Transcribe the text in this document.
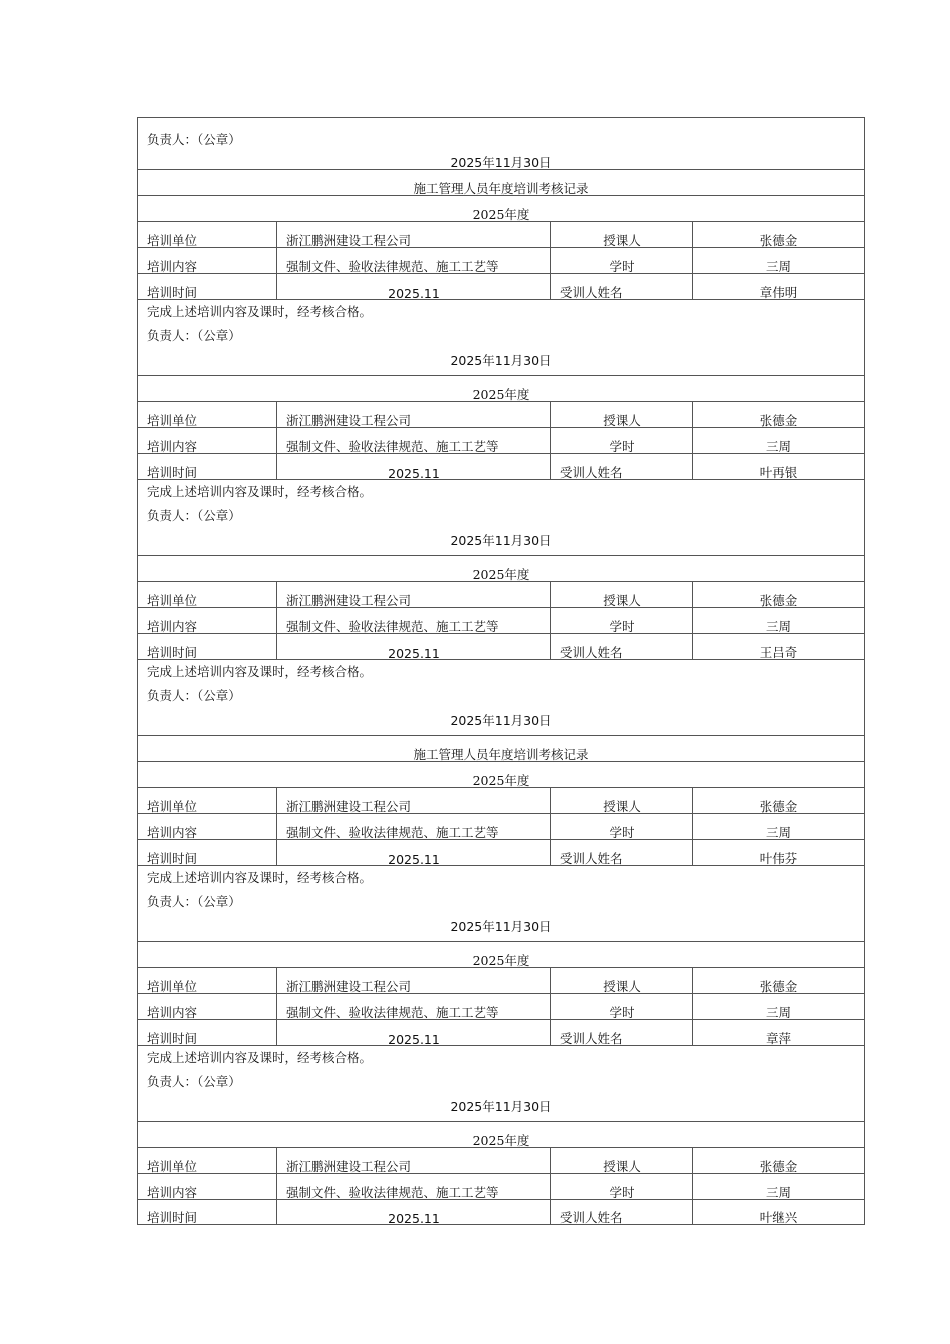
负责人：（公章）
2025年11月30日
施工管理人员年度培训考核记录
2025年度
培训单位	浙江鹏洲建设工程公司	授课人	张德金
培训内容	强制文件、验收法律规范、施工工艺等	学时	三周
培训时间	2025.11	受训人姓名	章伟明
完成上述培训内容及课时，经考核合格。
负责人：（公章）
2025年11月30日
2025年度
培训单位	浙江鹏洲建设工程公司	授课人	张德金
培训内容	强制文件、验收法律规范、施工工艺等	学时	三周
培训时间	2025.11	受训人姓名	叶再银
完成上述培训内容及课时，经考核合格。
负责人：（公章）
2025年11月30日
2025年度
培训单位	浙江鹏洲建设工程公司	授课人	张德金
培训内容	强制文件、验收法律规范、施工工艺等	学时	三周
培训时间	2025.11	受训人姓名	王吕奇
完成上述培训内容及课时，经考核合格。
负责人：（公章）
2025年11月30日
施工管理人员年度培训考核记录
2025年度
培训单位	浙江鹏洲建设工程公司	授课人	张德金
培训内容	强制文件、验收法律规范、施工工艺等	学时	三周
培训时间	2025.11	受训人姓名	叶伟芬
完成上述培训内容及课时，经考核合格。
负责人：（公章）
2025年11月30日
2025年度
培训单位	浙江鹏洲建设工程公司	授课人	张德金
培训内容	强制文件、验收法律规范、施工工艺等	学时	三周
培训时间	2025.11	受训人姓名	章萍
完成上述培训内容及课时，经考核合格。
负责人：（公章）
2025年11月30日
2025年度
培训单位	浙江鹏洲建设工程公司	授课人	张德金
培训内容	强制文件、验收法律规范、施工工艺等	学时	三周
培训时间	2025.11	受训人姓名	叶继兴
